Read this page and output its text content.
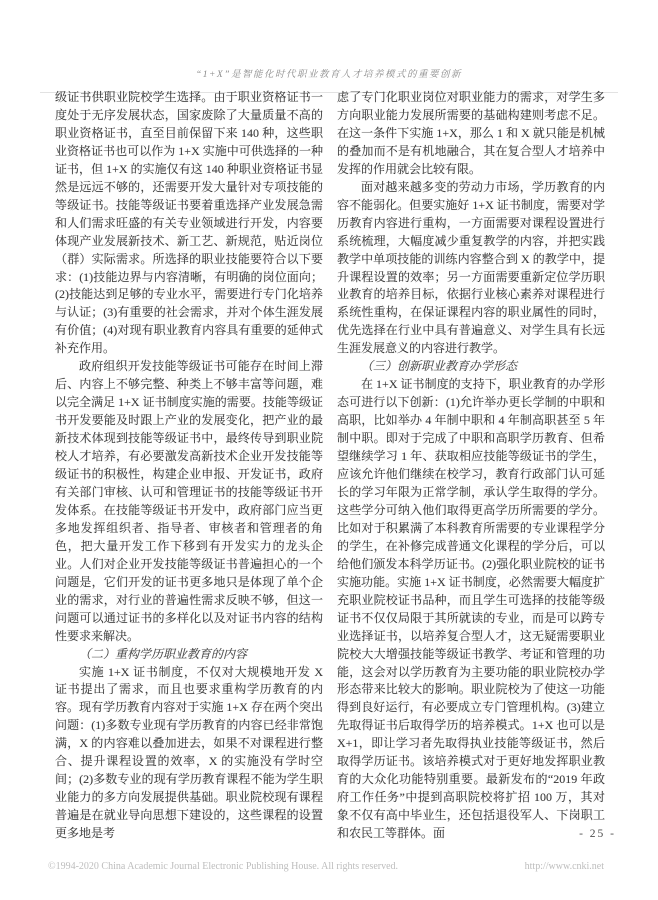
“1+X”是智能化时代职业教育人才培养模式的重要创新

级证书供职业院校学生选择。由于职业资格证书一度处于无序发展状态，国家废除了大量质量不高的职业资格证书，直至目前保留下来 140 种，这些职业资格证书也可以作为 1+X 实施中可供选择的一种证书，但 1+X 的实施仅有这 140 种职业资格证书显然是远远不够的，还需要开发大量针对专项技能的等级证书。技能等级证书要着重选择产业发展急需和人们需求旺盛的有关专业领域进行开发，内容要体现产业发展新技术、新工艺、新规范，贴近岗位（群）实际需求。所选择的职业技能要符合以下要求：(1)技能边界与内容清晰，有明确的岗位面向；(2)技能达到足够的专业水平，需要进行专门化培养与认证；(3)有重要的社会需求，并对个体生涯发展有价值；(4)对现有职业教育内容具有重要的延伸式补充作用。

政府组织开发技能等级证书可能存在时间上滞后、内容上不够完整、种类上不够丰富等问题，难以完全满足 1+X 证书制度实施的需要。技能等级证书开发要能及时跟上产业的发展变化，把产业的最新技术体现到技能等级证书中，最终传导到职业院校人才培养，有必要激发高新技术企业开发技能等级证书的积极性，构建企业申报、开发证书，政府有关部门审核、认可和管理证书的技能等级证书开发体系。在技能等级证书开发中，政府部门应当更多地发挥组织者、指导者、审核者和管理者的角色，把大量开发工作下移到有开发实力的龙头企业。人们对企业开发技能等级证书普遍担心的一个问题是，它们开发的证书更多地只是体现了单个企业的需求，对行业的普遍性需求反映不够，但这一问题可以通过证书的多样化以及对证书内容的结构性要求来解决。

（二）重构学历职业教育的内容

实施 1+X 证书制度，不仅对大规模地开发 X 证书提出了需求，而且也要求重构学历教育的内容。现有学历教育内容对于实施 1+X 存在两个突出问题：(1)多数专业现有学历教育的内容已经非常饱满，X 的内容难以叠加进去，如果不对课程进行整合、提升课程设置的效率，X 的实施没有学时空间；(2)多数专业的现有学历教育课程不能为学生职业能力的多方向发展提供基础。职业院校现有课程普遍是在就业导向思想下建设的，这些课程的设置更多地是考

虑了专门化职业岗位对职业能力的需求，对学生多方向职业能力发展所需要的基础构建则考虑不足。在这一条件下实施 1+X，那么 1 和 X 就只能是机械的叠加而不是有机地融合，其在复合型人才培养中发挥的作用就会比较有限。

面对越来越多变的劳动力市场，学历教育的内容不能弱化。但要实施好 1+X 证书制度，需要对学历教育内容进行重构，一方面需要对课程设置进行系统梳理，大幅度减少重复教学的内容，并把实践教学中单项技能的训练内容整合到 X 的教学中，提升课程设置的效率；另一方面需要重新定位学历职业教育的培养目标，依据行业核心素养对课程进行系统性重构，在保证课程内容的职业属性的同时，优先选择在行业中具有普遍意义、对学生具有长远生涯发展意义的内容进行教学。

（三）创新职业教育办学形态

在 1+X 证书制度的支持下，职业教育的办学形态可进行以下创新：(1)允许举办更长学制的中职和高职，比如举办 4 年制中职和 4 年制高职甚至 5 年制中职。即对于完成了中职和高职学历教育、但希望继续学习 1 年、获取相应技能等级证书的学生，应该允许他们继续在校学习，教育行政部门认可延长的学习年限为正常学制，承认学生取得的学分。这些学分可纳入他们取得更高学历所需要的学分。比如对于积累满了本科教育所需要的专业课程学分的学生，在补修完成普通文化课程的学分后，可以给他们颁发本科学历证书。(2)强化职业院校的证书实施功能。实施 1+X 证书制度，必然需要大幅度扩充职业院校证书品种，而且学生可选择的技能等级证书不仅仅局限于其所就读的专业，而是可以跨专业选择证书，以培养复合型人才，这无疑需要职业院校大大增强技能等级证书教学、考证和管理的功能，这会对以学历教育为主要功能的职业院校办学形态带来比较大的影响。职业院校为了使这一功能得到良好运行，有必要成立专门管理机构。(3)建立先取得证书后取得学历的培养模式。1+X 也可以是 X+1，即让学习者先取得执业技能等级证书，然后取得学历证书。该培养模式对于更好地发挥职业教育的大众化功能特别重要。最新发布的“2019 年政府工作任务”中提到高职院校将扩招 100 万，其对象不仅有高中毕业生，还包括退役军人、下岗职工和农民工等群体。面	- 25 -
©1994-2020 China Academic Journal Electronic Publishing House. All rights reserved.	http://www.cnki.net
